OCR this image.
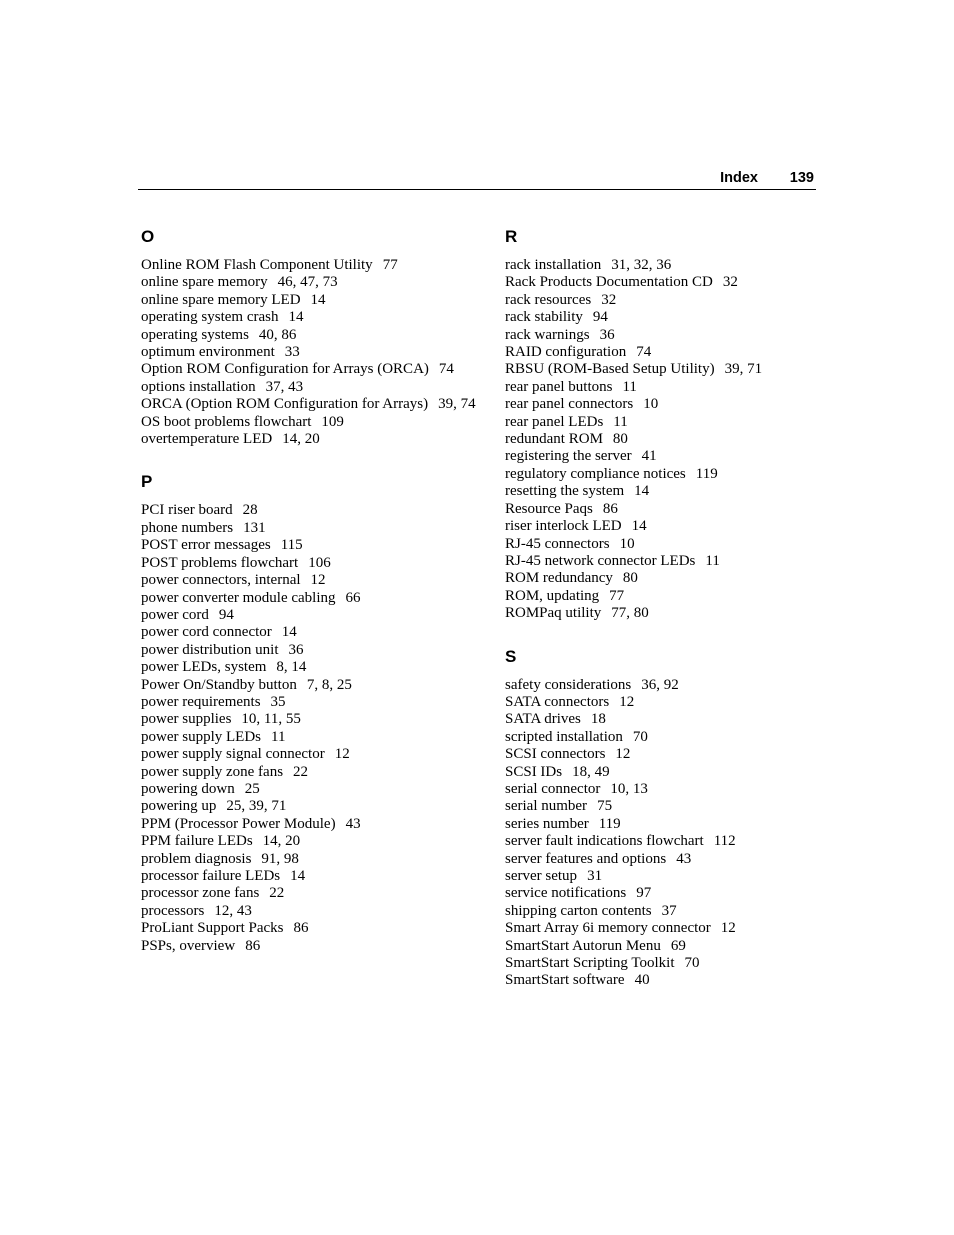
Index 139
O
Online ROM Flash Component Utility 77
online spare memory 46, 47, 73
online spare memory LED 14
operating system crash 14
operating systems 40, 86
optimum environment 33
Option ROM Configuration for Arrays (ORCA) 74
options installation 37, 43
ORCA (Option ROM Configuration for Arrays) 39, 74
OS boot problems flowchart 109
overtemperature LED 14, 20
P
PCI riser board 28
phone numbers 131
POST error messages 115
POST problems flowchart 106
power connectors, internal 12
power converter module cabling 66
power cord 94
power cord connector 14
power distribution unit 36
power LEDs, system 8, 14
Power On/Standby button 7, 8, 25
power requirements 35
power supplies 10, 11, 55
power supply LEDs 11
power supply signal connector 12
power supply zone fans 22
powering down 25
powering up 25, 39, 71
PPM (Processor Power Module) 43
PPM failure LEDs 14, 20
problem diagnosis 91, 98
processor failure LEDs 14
processor zone fans 22
processors 12, 43
ProLiant Support Packs 86
PSPs, overview 86
R
rack installation 31, 32, 36
Rack Products Documentation CD 32
rack resources 32
rack stability 94
rack warnings 36
RAID configuration 74
RBSU (ROM-Based Setup Utility) 39, 71
rear panel buttons 11
rear panel connectors 10
rear panel LEDs 11
redundant ROM 80
registering the server 41
regulatory compliance notices 119
resetting the system 14
Resource Paqs 86
riser interlock LED 14
RJ-45 connectors 10
RJ-45 network connector LEDs 11
ROM redundancy 80
ROM, updating 77
ROMPaq utility 77, 80
S
safety considerations 36, 92
SATA connectors 12
SATA drives 18
scripted installation 70
SCSI connectors 12
SCSI IDs 18, 49
serial connector 10, 13
serial number 75
series number 119
server fault indications flowchart 112
server features and options 43
server setup 31
service notifications 97
shipping carton contents 37
Smart Array 6i memory connector 12
SmartStart Autorun Menu 69
SmartStart Scripting Toolkit 70
SmartStart software 40
